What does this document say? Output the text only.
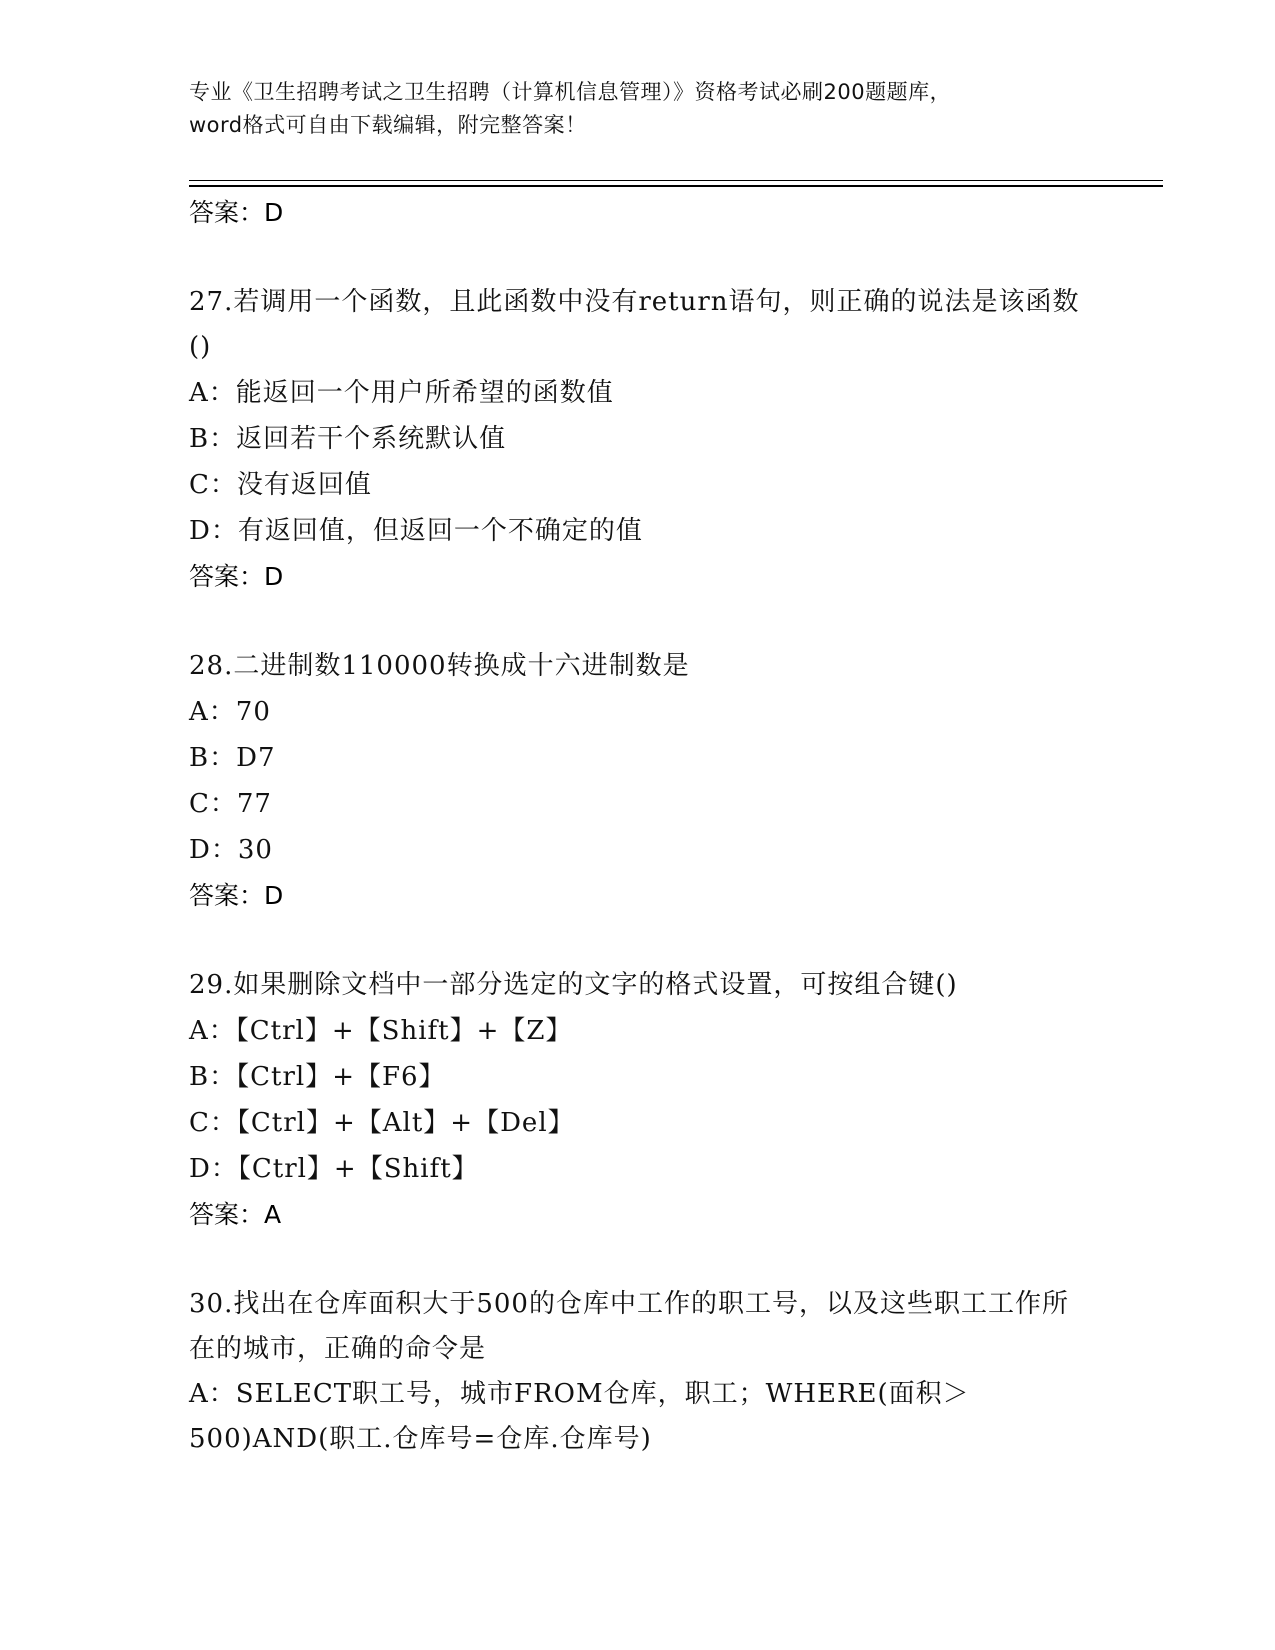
专业《卫生招聘考试之卫生招聘（计算机信息管理）》资格考试必刷200题题库，
word格式可自由下载编辑，附完整答案！
答案：D
27.若调用一个函数，且此函数中没有return语句，则正确的说法是该函数()
A：能返回一个用户所希望的函数值
B：返回若干个系统默认值
C：没有返回值
D：有返回值，但返回一个不确定的值
答案：D
28.二进制数110000转换成十六进制数是
A：70
B：D7
C：77
D：30
答案：D
29.如果删除文档中一部分选定的文字的格式设置，可按组合键()
A：【Ctrl】+【Shift】+【Z】
B：【Ctrl】+【F6】
C：【Ctrl】+【Alt】+【Del】
D：【Ctrl】+【Shift】
答案：A
30.找出在仓库面积大于500的仓库中工作的职工号，以及这些职工工作所在的城市，正确的命令是
A：SELECT职工号，城市FROM仓库，职工；WHERE(面积＞500)AND(职工.仓库号=仓库.仓库号)
